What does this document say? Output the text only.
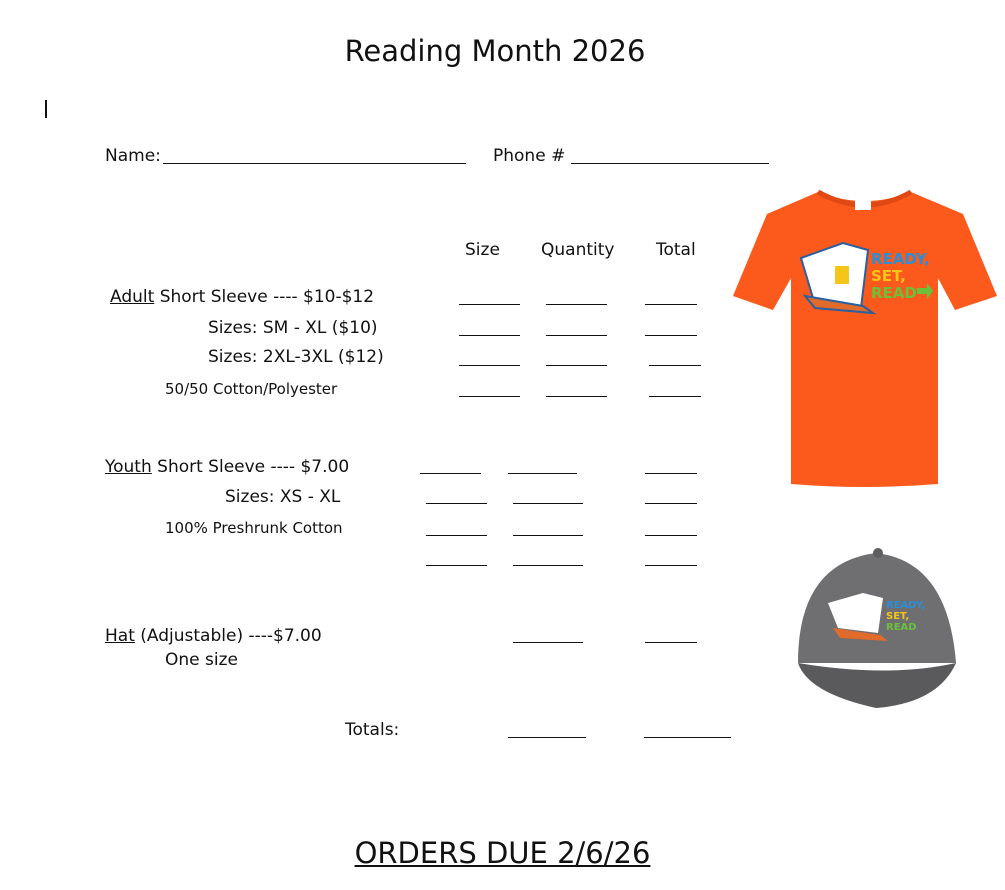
Reading Month 2026
Name:	Phone #
Size Quantity Total
Adult Short Sleeve ---- $10-$12
Sizes: SM - XL ($10)
Sizes: 2XL-3XL ($12)
50/50 Cotton/Polyester
Youth Short Sleeve ---- $7.00
Sizes: XS - XL
100% Preshrunk Cotton
Hat (Adjustable) ----$7.00
One size
Totals:
ORDERS DUE 2/6/26
READY,
SET,
READ
READY,
SET,
READ
